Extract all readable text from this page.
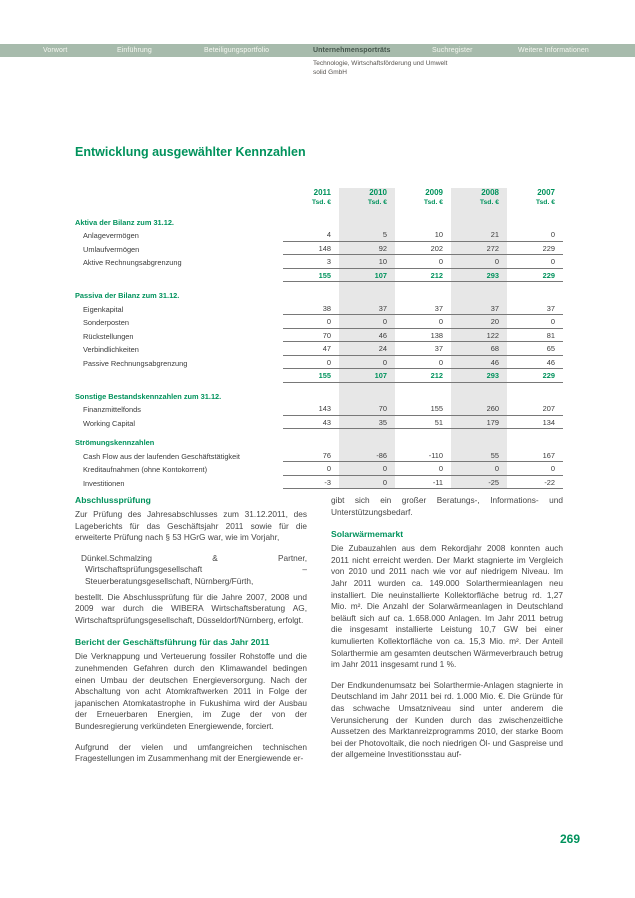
Vorwort	Einführung	Beteiligungsportfolio	Unternehmensporträts	Suchregister	Weitere Informationen
Technologie, Wirtschaftsförderung und Umwelt
solid GmbH
Entwicklung ausgewählter Kennzahlen
2011
Tsd. €
2010
Tsd. €
2009
Tsd. €
2008
Tsd. €
2007
Tsd. €
Aktiva der Bilanz zum 31.12.
Anlagevermögen	4	5	10	21	0
Umlaufvermögen	148	92	202	272	229
Aktive Rechnungsabgrenzung	3	10	0	0	0
155	107	212	293	229
Passiva der Bilanz zum 31.12.
Eigenkapital	38	37	37	37	37
Sonderposten	0	0	0	20	0
Rückstellungen	70	46	138	122	81
Verbindlichkeiten	47	24	37	68	65
Passive Rechnungsabgrenzung	0	0	0	46	46
155	107	212	293	229
Sonstige Bestandskennzahlen zum 31.12.
Finanzmittelfonds	143	70	155	260	207
Working Capital	43	35	51	179	134
Strömungskennzahlen
Cash Flow aus der laufenden Geschäftstätigkeit	76	-86	-110	55	167
Kreditaufnahmen (ohne Kontokorrent)	0	0	0	0	0
Investitionen	-3	0	-11	-25	-22
Abschlussprüfung

Zur Prüfung des Jahresabschlusses zum 31.12.2011, des Lageberichts für das Geschäftsjahr 2011 sowie für die erweiterte Prüfung nach § 53 HGrG war, wie im Vorjahr,

Dünkel.Schmalzing & Partner, Wirtschaftsprüfungsgesellschaft – Steuerberatungsgesellschaft, Nürnberg/Fürth,

bestellt. Die Abschlussprüfung für die Jahre 2007, 2008 und 2009 war durch die WIBERA Wirtschaftsberatung AG, Wirtschaftsprüfungsgesellschaft, Düsseldorf/Nürnberg, erfolgt.

Bericht der Geschäftsführung für das Jahr 2011

Die Verknappung und Verteuerung fossiler Rohstoffe und die zunehmenden Gefahren durch den Klimawandel bedingen einen Umbau der deutschen Energieversorgung. Nach der Abschaltung von acht Atomkraftwerken 2011 in Folge der japanischen Atomkatastrophe in Fukushima wird der Ausbau der Erneuerbaren Energien, im Zuge der von der Bundesregierung verkündeten Energiewende, forciert.

Aufgrund der vielen und umfangreichen technischen Fragestellungen im Zusammenhang mit der Energiewende er-

gibt sich ein großer Beratungs-, Informations- und Unterstützungsbedarf.

Solarwärmemarkt

Die Zubauzahlen aus dem Rekordjahr 2008 konnten auch 2011 nicht erreicht werden. Der Markt stagnierte im Vergleich von 2010 und 2011 nach wie vor auf niedrigem Niveau. Im Jahr 2011 wurden ca. 149.000 Solarthermieanlagen neu installiert. Die neuinstallierte Kollektorfläche betrug rd. 1,27 Mio. m². Die Anzahl der Solarwärmeanlagen in Deutschland beläuft sich auf ca. 1.658.000 Anlagen. Im Jahr 2011 betrug die insgesamt installierte Leistung 10,7 GW bei einer kumulierten Kollektorfläche von ca. 15,3 Mio. m². Der Anteil Solarthermie am gesamten deutschen Wärmeverbrauch betrug im Jahr 2011 insgesamt rund 1 %.

Der Endkundenumsatz bei Solarthermie-Anlagen stagnierte in Deutschland im Jahr 2011 bei rd. 1.000 Mio. €. Die Gründe für das schwache Umsatzniveau sind unter anderem die Verunsicherung der Kunden durch das zwischenzeitliche Aussetzen des Marktanreizprogramms 2010, der starke Boom bei der Photovoltaik, die noch niedrigen Öl- und Gaspreise und der allgemeine Investitionsstau auf-

269
